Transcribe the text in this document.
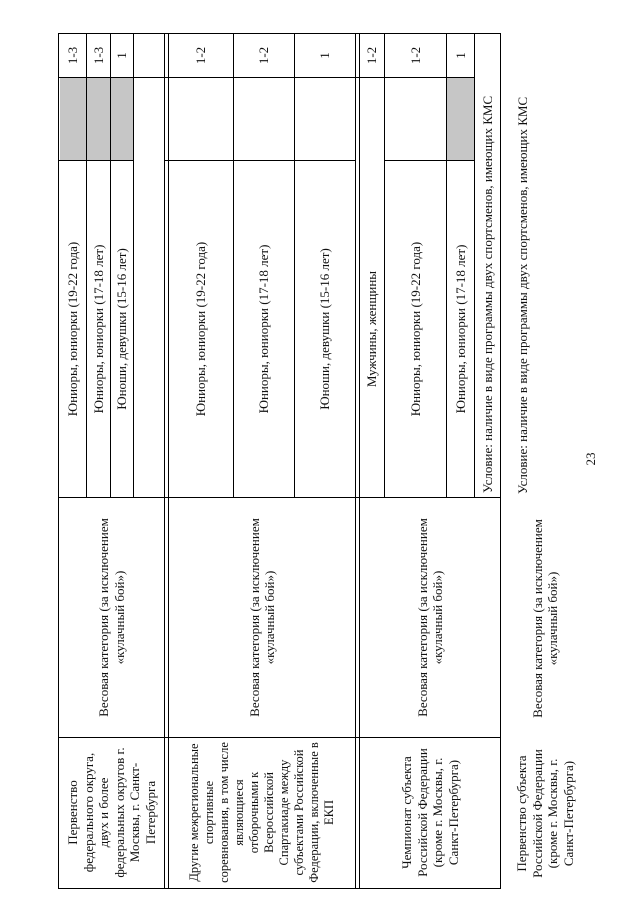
23
Первенство федерального округа, двух и более федеральных округов г. Москвы, г. Санкт-Петербурга
Весовая категория (за исключением «кулачный бой»)
Юниоры, юниорки (19-22 года)
1-3
Юниоры, юниорки (17-18 лет)
1-3
Юноши, девушки (15-16 лет)
1
Другие межрегиональные спортивные соревнования, в том числе являющиеся отборочными к Всероссийской Спартакиаде между субъектами Российской Федерации, включенные в ЕКП
Весовая категория (за исключением «кулачный бой»)
Юниоры, юниорки (19-22 года)
1-2
Юниоры, юниорки (17-18 лет)
1-2
Юноши, девушки (15-16 лет)
1
Чемпионат субъекта Российской Федерации (кроме г. Москвы, г. Санкт-Петербурга)
Весовая категория (за исключением «кулачный бой»)
Мужчины, женщины
1-2
Юниоры, юниорки (19-22 года)
1-2
Юниоры, юниорки (17-18 лет)
1
Условие: наличие в виде программы двух спортсменов, имеющих КМС
Первенство субъекта Российской Федерации (кроме г. Москвы, г. Санкт-Петербурга)
Весовая категория (за исключением «кулачный бой»)
Условие: наличие в виде программы двух спортсменов, имеющих КМС
